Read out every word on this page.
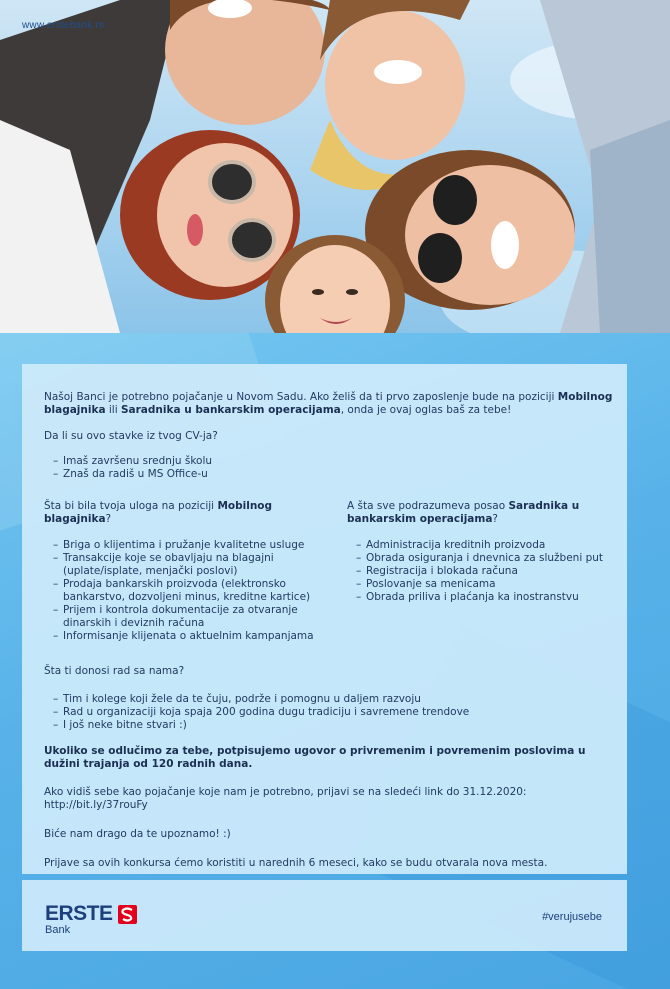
www.erstebank.rs

Našoj Banci je potrebno pojačanje u Novom Sadu. Ako želiš da ti prvo zaposlenje bude na poziciji Mobilnog blagajnika ili Saradnika u bankarskim operacijama, onda je ovaj oglas baš za tebe!

Da li su ovo stavke iz tvog CV-ja?

– Imaš završenu srednju školu
– Znaš da radiš u MS Office-u

Šta bi bila tvoja uloga na poziciji Mobilnog blagajnika?

– Briga o klijentima i pružanje kvalitetne usluge
– Transakcije koje se obavljaju na blagajni (uplate/isplate, menjački poslovi)
– Prodaja bankarskih proizvoda (elektronsko bankarstvo, dozvoljeni minus, kreditne kartice)
– Prijem i kontrola dokumentacije za otvaranje dinarskih i deviznih računa
– Informisanje klijenata o aktuelnim kampanjama

A šta sve podrazumeva posao Saradnika u bankarskim operacijama?

– Administracija kreditnih proizvoda
– Obrada osiguranja i dnevnica za službeni put
– Registracija i blokada računa
– Poslovanje sa menicama
– Obrada priliva i plaćanja ka inostranstvu

Šta ti donosi rad sa nama?

– Tim i kolege koji žele da te čuju, podrže i pomognu u daljem razvoju
– Rad u organizaciji koja spaja 200 godina dugu tradiciju i savremene trendove
– I još neke bitne stvari :)

Ukoliko se odlučimo za tebe, potpisujemo ugovor o privremenim i povremenim poslovima u dužini trajanja od 120 radnih dana.

Ako vidiš sebe kao pojačanje koje nam je potrebno, prijavi se na sledeći link do 31.12.2020: http://bit.ly/37rouFy

Biće nam drago da te upoznamo! :)

Prijave sa ovih konkursa ćemo koristiti u narednih 6 meseci, kako se budu otvarala nova mesta.

ERSTE
Bank
#verujusebe
